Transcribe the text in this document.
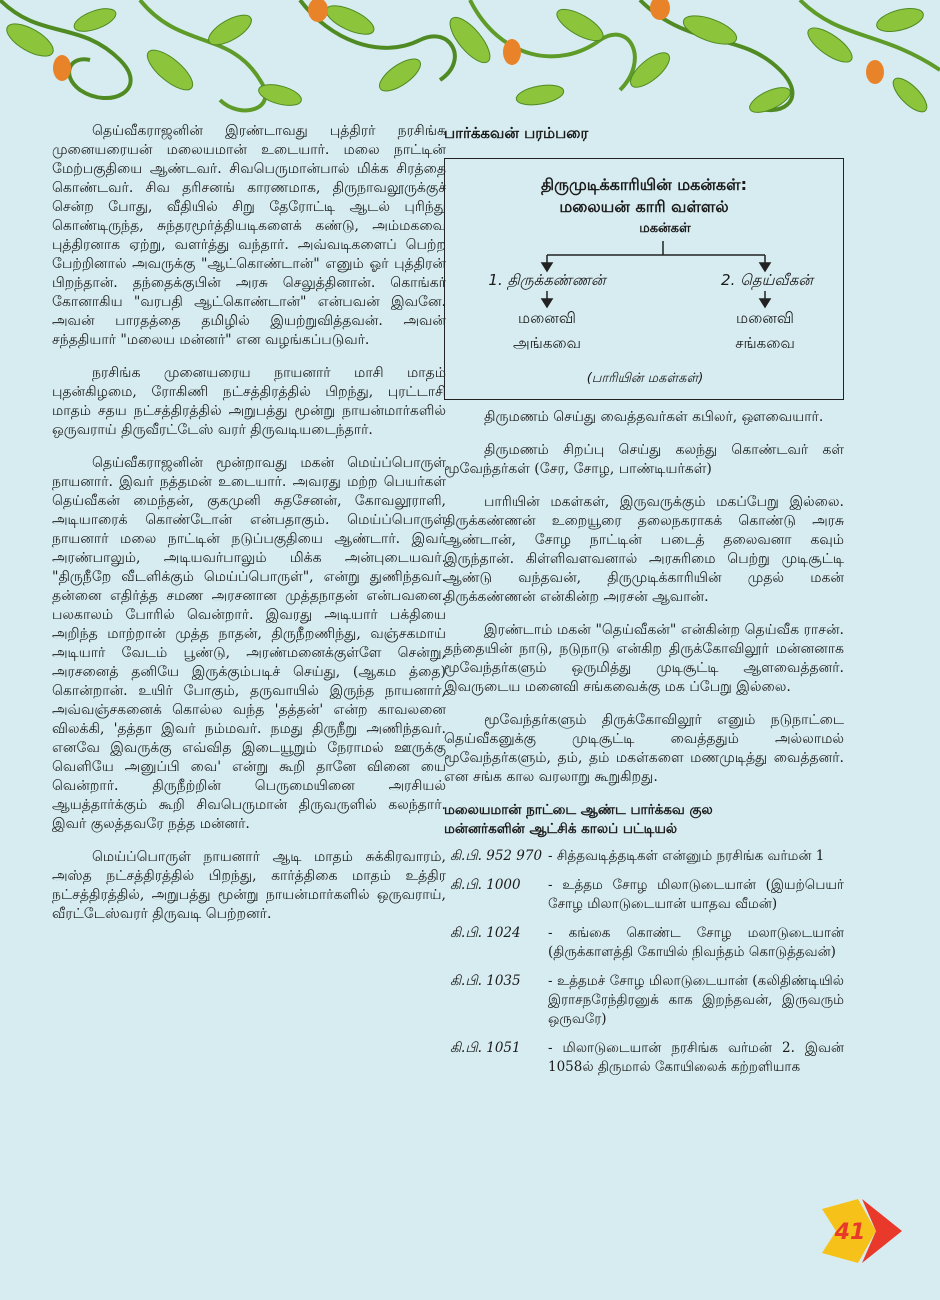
தெய்வீகராஜனின் இரண்டாவது புத்திரர் நரசிங்க முனையரையன் மலையமான் உடையார். மலை நாட்டின் மேற்பகுதியை ஆண்டவர். சிவபெருமான்பால் மிக்க சிரத்தை கொண்டவர். சிவ தரிசனங் காரணமாக, திருநாவலூருக்குச் சென்ற போது, வீதியில் சிறு தேரோட்டி ஆடல் புரிந்து கொண்டிருந்த, சுந்தரமூர்த்தியடிகளைக் கண்டு, அம்மகவை புத்திரனாக ஏற்று, வளர்த்து வந்தார். அவ்வடிகளைப் பெற்ற பேற்றினால் அவருக்கு "ஆட்கொண்டான்" எனும் ஓர் புத்திரன் பிறந்தான். தந்தைக்குபின் அரசு செலுத்தினான். கொங்கர் கோனாகிய "வரபதி ஆட்கொண்டான்" என்பவன் இவனே. அவன் பாரதத்தை தமிழில் இயற்றுவித்தவன். அவன் சந்ததியார் "மலைய மன்னர்" என வழங்கப்படுவர்.

நரசிங்க முனையரைய நாயனார் மாசி மாதம் புதன்கிழமை, ரோகிணி நட்சத்திரத்தில் பிறந்து, புரட்டாசி மாதம் சதய நட்சத்திரத்தில் அறுபத்து மூன்று நாயன்மார்களில் ஒருவராய் திருவீரட்டேஸ் வரர் திருவடியடைந்தார்.

தெய்வீகராஜனின் மூன்றாவது மகன் மெய்ப்பொருள் நாயனார். இவர் நத்தமன் உடையார். அவரது மற்ற பெயர்கள் தெய்வீகன் மைந்தன், குகமுனி சுதசேனன், கோவலூராளி, அடியாரைக் கொண்டோன் என்பதாகும். மெய்ப்பொருள் நாயனார் மலை நாட்டின் நடுப்பகுதியை ஆண்டார். இவர் அரண்பாலும், அடியவர்பாலும் மிக்க அன்புடையவர். "திருநீறே வீடளிக்கும் மெய்ப்பொருள்", என்று துணிந்தவர். தன்னை எதிர்த்த சமண அரசனான முத்தநாதன் என்பவனை. பலகாலம் போரில் வென்றார். இவரது அடியார் பக்தியை அறிந்த மாற்றான் முத்த நாதன், திருநீறணிந்து, வஞ்சகமாய் அடியார் வேடம் பூண்டு, அரண்மனைக்குள்ளே சென்று, அரசனைத் தனியே இருக்கும்படிச் செய்து, (ஆகம த்தை) கொன்றான். உயிர் போகும், தருவாயில் இருந்த நாயனார், அவ்வஞ்சகனைக் கொல்ல வந்த 'தத்தன்' என்ற காவலனை விலக்கி, 'தத்தா இவர் நம்மவர். நமது திருநீறு அணிந்தவர். எனவே இவருக்கு எவ்வித இடையூறும் நேராமல் ஊருக்கு வெளியே அனுப்பி வை' என்று கூறி தானே வினை யை வென்றார். திருநீற்றின் பெருமையினை அரசியல் ஆயத்தார்க்கும் கூறி சிவபெருமான் திருவருளில் கலந்தார். இவர் குலத்தவரே நத்த மன்னர்.

மெய்ப்பொருள் நாயனார் ஆடி மாதம் சுக்கிரவாரம், அஸ்த நட்சத்திரத்தில் பிறந்து, கார்த்திகை மாதம் உத்திர நட்சத்திரத்தில், அறுபத்து மூன்று நாயன்மார்களில் ஒருவராய், வீரட்டேஸ்வரர் திருவடி பெற்றனர்.

பார்க்கவன் பரம்பரை
திருமுடிக்காரியின் மகன்கள்:
மலையன் காரி வள்ளல்
மகன்கள்
1. திருக்கண்ணன்	2. தெய்வீகன்
மனைவி	மனைவி
அங்கவை	சங்கவை
(பாரியின் மகள்கள்)

திருமணம் செய்து வைத்தவர்கள் கபிலர், ஔவையார்.

திருமணம் சிறப்பு செய்து கலந்து கொண்டவர் கள் மூவேந்தர்கள் (சேர, சோழ, பாண்டியர்கள்)

பாரியின் மகள்கள், இருவருக்கும் மகப்பேறு இல்லை. திருக்கண்ணன் உறையூரை தலைநகராகக் கொண்டு அரசு ஆண்டான், சோழ நாட்டின் படைத் தலைவனா கவும் இருந்தான். கிள்ளிவளவனால் அரசுரிமை பெற்று முடிசூட்டி ஆண்டு வந்தவன், திருமுடிக்காரியின் முதல் மகன் திருக்கண்ணன் என்கின்ற அரசன் ஆவான்.

இரண்டாம் மகன் "தெய்வீகன்" என்கின்ற தெய்வீக ராசன். தந்தையின் நாடு, நடுநாடு என்கிற திருக்கோவிலூர் மன்னனாக மூவேந்தர்களும் ஒருமித்து முடிசூட்டி ஆளவைத்தனர். இவருடைய மனைவி சங்கவைக்கு மக ப்பேறு இல்லை.

மூவேந்தர்களும் திருக்கோவிலூர் எனும் நடுநாட்டை தெய்வீகனுக்கு முடிசூட்டி வைத்ததும் அல்லாமல் மூவேந்தர்களும், தம், தம் மகள்களை மணமுடித்து வைத்தனர். என சங்க கால வரலாறு கூறுகிறது.

மலையமான் நாட்டை ஆண்ட பார்க்கவ குல
மன்னர்களின் ஆட்சிக் காலப் பட்டியல்
கி.பி. 952 970 - சித்தவடித்தடிகள் என்னும் நரசிங்க வர்மன் 1
கி.பி. 1000	- உத்தம சோழ மிலாடுடையான் (இயற்பெயர் சோழ மிலாடுடையான் யாதவ வீமன்)
கி.பி. 1024	- கங்கை கொண்ட சோழ மலாடுடையான் (திருக்காளத்தி கோயில் நிவந்தம் கொடுத்தவன்)
கி.பி. 1035	- உத்தமச் சோழ மிலாடுடையான் (கலிதிண்டியில் இராசநரேந்திரனுக் காக இறந்தவன், இருவரும் ஒருவரே)
கி.பி. 1051	- மிலாடுடையான் நரசிங்க வர்மன் 2. இவன் 1058ல் திருமால் கோயிலைக் கற்றளியாக
41
